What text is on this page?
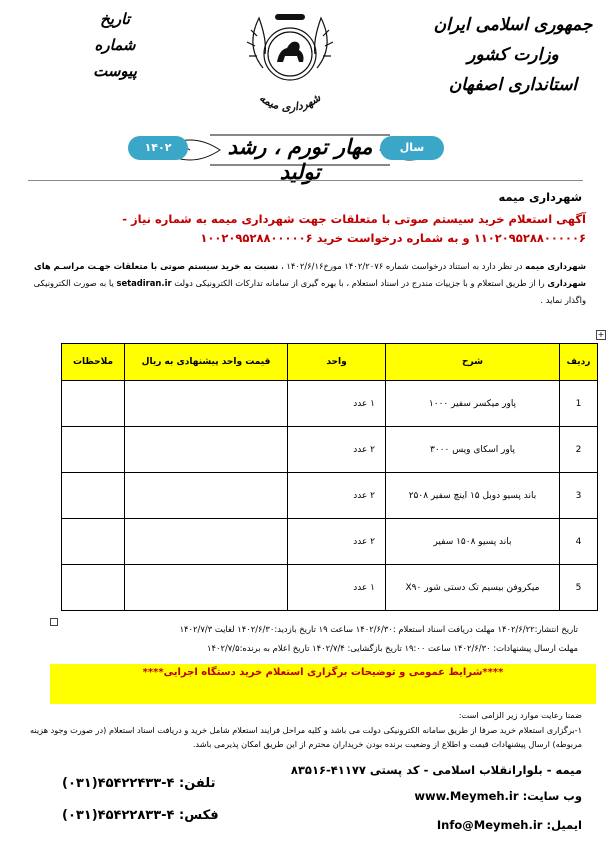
جمهوری اسلامی ایران
وزارت کشور
استانداری اصفهان
تاریخ
شماره
پیوست
شهرداری میمه
مهار تورم ، رشد تولید
سال
۱۴۰۲
شهرداری میمه
آگهی استعلام خرید سیستم صوتی با متعلقات جهت شهرداری میمه به شماره نیاز - ۱۱۰۲۰۹۵۲۸۸۰۰۰۰۰۶ و به شماره درخواست خرید ۱۰۰۲۰۹۵۲۸۸۰۰۰۰۰۶
شهرداری میمه در نظر دارد به استناد درخواست شماره ۱۴۰۲/۲۰۷۶ مورخ۱۴۰۲/۶/۱۶ ، نسبت به خرید سیستم صوتی با متعلقات جهـت مراسـم های شهرداری را از طریق استعلام و با جزییات مندرج در اسناد استعلام ، با بهره گیری از سامانه تدارکات الکترونیکی دولت setadiran.ir یا به صورت الکترونیکی واگذار نماید .
+
ردیف	شرح	واحد	قیمت واحد پیشنهادی به ریال	ملاحظات
1	پاور میکسر سفیر ۱۰۰۰	۱ عدد		
2	پاور اسکای ویس ۳۰۰۰	۲ عدد		
3	باند پسیو دوبل ۱۵ اینچ سفیر ۲۵۰۸	۲ عدد		
4	باند پسیو ۱۵۰۸ سفیر	۲ عدد		
5	میکروفن بیسیم تک دستی شور X۹۰	۱ عدد		
تاریخ انتشار:۱۴۰۲/۶/۲۲ مهلت دریافت اسناد استعلام :۱۴۰۲/۶/۳۰ ساعت ۱۹ تاریخ بازدید:۱۴۰۲/۶/۳۰ لغایت ۱۴۰۲/۷/۳
مهلت ارسال پیشنهادات: ۱۴۰۲/۶/۳۰ ساعت ۱۹:۰۰ تاریخ بازگشایی: ۱۴۰۲/۷/۴ تاریخ اعلام به برنده:۱۴۰۲/۷/۵
****شرایط عمومی و توضیحات برگزاری استعلام خرید دستگاه اجرایی****
ضمنا رعایت موارد زیر الزامی است:
۱-برگزاری استعلام خرید صرفا از طریق سامانه الکترونیکی دولت می باشد و کلیه مراحل فرایند استعلام شامل خرید و دریافت اسناد استعلام (در صورت وجود هزینه مربوطه) ارسال پیشنهادات قیمت و اطلاع از وضعیت برنده بودن خریداران محترم از این طریق امکان پذیرمی باشد.
میمه - بلوارانقلاب اسلامی - کد پستی ۴۱۱۷۷-۸۳۵۱۶
وب سایت: www.Meymeh.ir
ایمیل: Info@Meymeh.ir
(۰۳۱)۴۵۴۲۲۴۳۳-۴ تلفن:
(۰۳۱)۴۵۴۲۲۸۳۳-۴ فکس:
